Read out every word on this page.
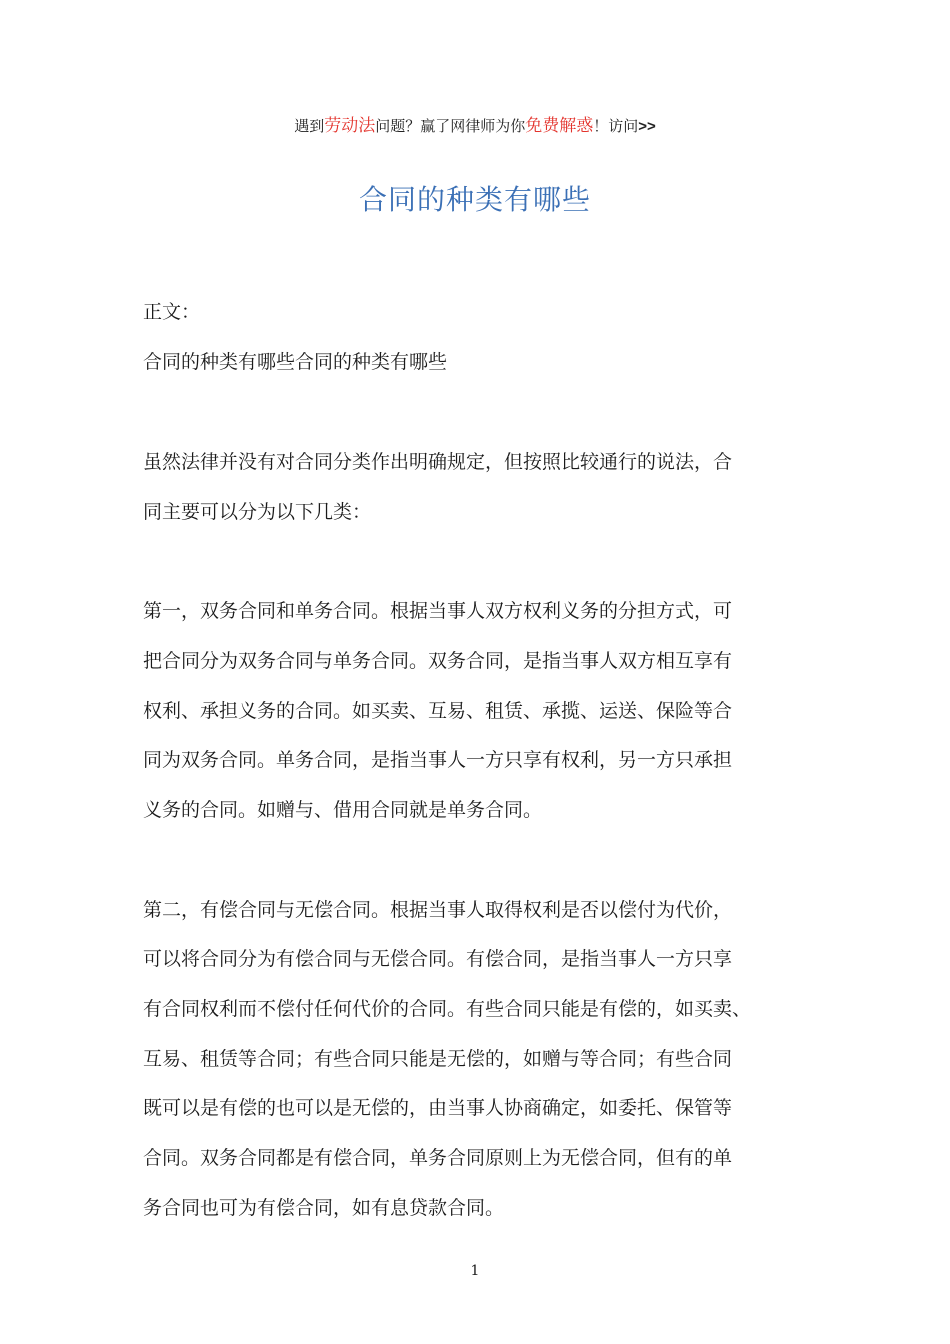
遇到劳动法问题？赢了网律师为你免费解惑！访问>>
合同的种类有哪些
正文：
合同的种类有哪些合同的种类有哪些
虽然法律并没有对合同分类作出明确规定，但按照比较通行的说法，合
同主要可以分为以下几类：
第一，双务合同和单务合同。根据当事人双方权利义务的分担方式，可
把合同分为双务合同与单务合同。双务合同，是指当事人双方相互享有
权利、承担义务的合同。如买卖、互易、租赁、承揽、运送、保险等合
同为双务合同。单务合同，是指当事人一方只享有权利，另一方只承担
义务的合同。如赠与、借用合同就是单务合同。
第二，有偿合同与无偿合同。根据当事人取得权利是否以偿付为代价，
可以将合同分为有偿合同与无偿合同。有偿合同，是指当事人一方只享
有合同权利而不偿付任何代价的合同。有些合同只能是有偿的，如买卖、
互易、租赁等合同；有些合同只能是无偿的，如赠与等合同；有些合同
既可以是有偿的也可以是无偿的，由当事人协商确定，如委托、保管等
合同。双务合同都是有偿合同，单务合同原则上为无偿合同，但有的单
务合同也可为有偿合同，如有息贷款合同。
1
